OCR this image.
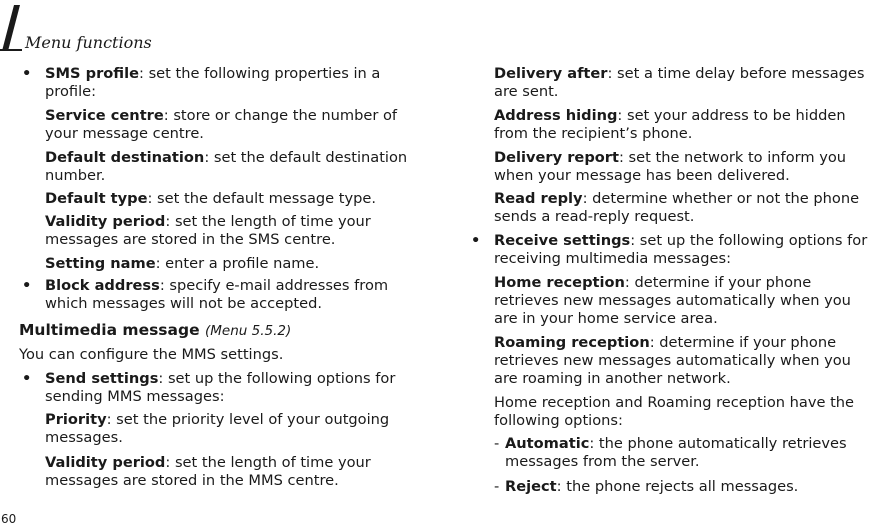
Menu functions
• SMS profile: set the following properties in a

profile:

Service centre: store or change the number of

your message centre.

Default destination: set the default destination

number.

Default type: set the default message type.

Validity period: set the length of time your

messages are stored in the SMS centre.

Setting name: enter a profile name.

• Block address: specify e-mail addresses from

which messages will not be accepted.

Multimedia message (Menu 5.5.2)

You can configure the MMS settings.

• Send settings: set up the following options for

sending MMS messages:

Priority: set the priority level of your outgoing

messages.

Validity period: set the length of time your

messages are stored in the MMS centre.

Delivery after: set a time delay before messages

are sent.

Address hiding: set your address to be hidden

from the recipient’s phone.

Delivery report: set the network to inform you

when your message has been delivered.

Read reply: determine whether or not the phone

sends a read-reply request.

• Receive settings: set up the following options for

receiving multimedia messages:

Home reception: determine if your phone

retrieves new messages automatically when you

are in your home service area.

Roaming reception: determine if your phone

retrieves new messages automatically when you

are roaming in another network.

Home reception and Roaming reception have the

following options:

- Automatic: the phone automatically retrieves

messages from the server.

- Reject: the phone rejects all messages.

60
